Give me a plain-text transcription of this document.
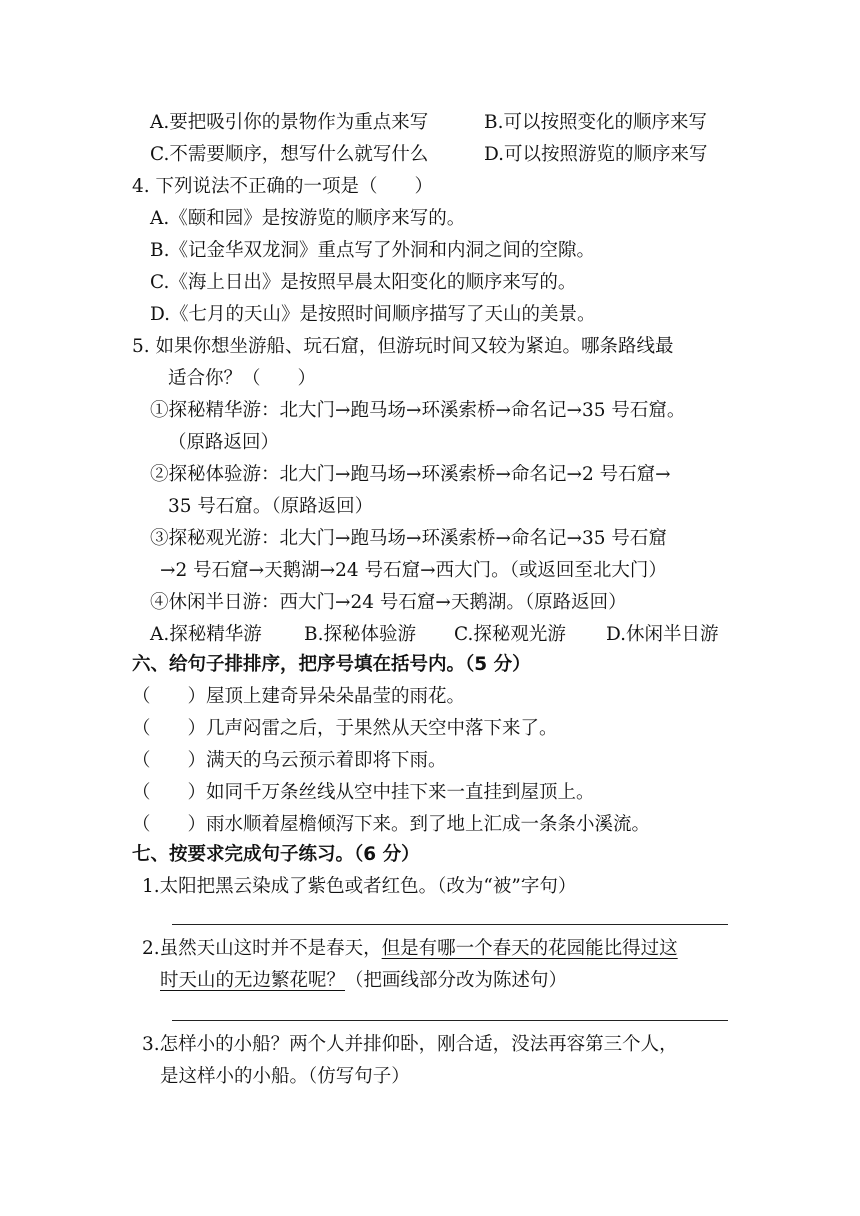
A.要把吸引你的景物作为重点来写	B.可以按照变化的顺序来写
C.不需要顺序，想写什么就写什么	D.可以按照游览的顺序来写
4. 下列说法不正确的一项是（　　）
A.《颐和园》是按游览的顺序来写的。
B.《记金华双龙洞》重点写了外洞和内洞之间的空隙。
C.《海上日出》是按照早晨太阳变化的顺序来写的。
D.《七月的天山》是按照时间顺序描写了天山的美景。
5. 如果你想坐游船、玩石窟，但游玩时间又较为紧迫。哪条路线最
适合你？（　　）
①探秘精华游：北大门→跑马场→环溪索桥→命名记→35 号石窟。
（原路返回）
②探秘体验游：北大门→跑马场→环溪索桥→命名记→2 号石窟→
35 号石窟。（原路返回）
③探秘观光游：北大门→跑马场→环溪索桥→命名记→35 号石窟
→2 号石窟→天鹅湖→24 号石窟→西大门。（或返回至北大门）
④休闲半日游：西大门→24 号石窟→天鹅湖。（原路返回）
A.探秘精华游 B.探秘体验游 C.探秘观光游 D.休闲半日游
六、给句子排排序，把序号填在括号内。（5 分）
（　　）屋顶上建奇异朵朵晶莹的雨花。
（　　）几声闷雷之后，于果然从天空中落下来了。
（　　）满天的乌云预示着即将下雨。
（　　）如同千万条丝线从空中挂下来一直挂到屋顶上。
（　　）雨水顺着屋檐倾泻下来。到了地上汇成一条条小溪流。
七、按要求完成句子练习。（6 分）
1.太阳把黑云染成了紫色或者红色。（改为“被”字句）
2.虽然天山这时并不是春天，但是有哪一个春天的花园能比得过这
时天山的无边繁花呢？（把画线部分改为陈述句）
3.怎样小的小船？两个人并排仰卧，刚合适，没法再容第三个人，
是这样小的小船。（仿写句子）
